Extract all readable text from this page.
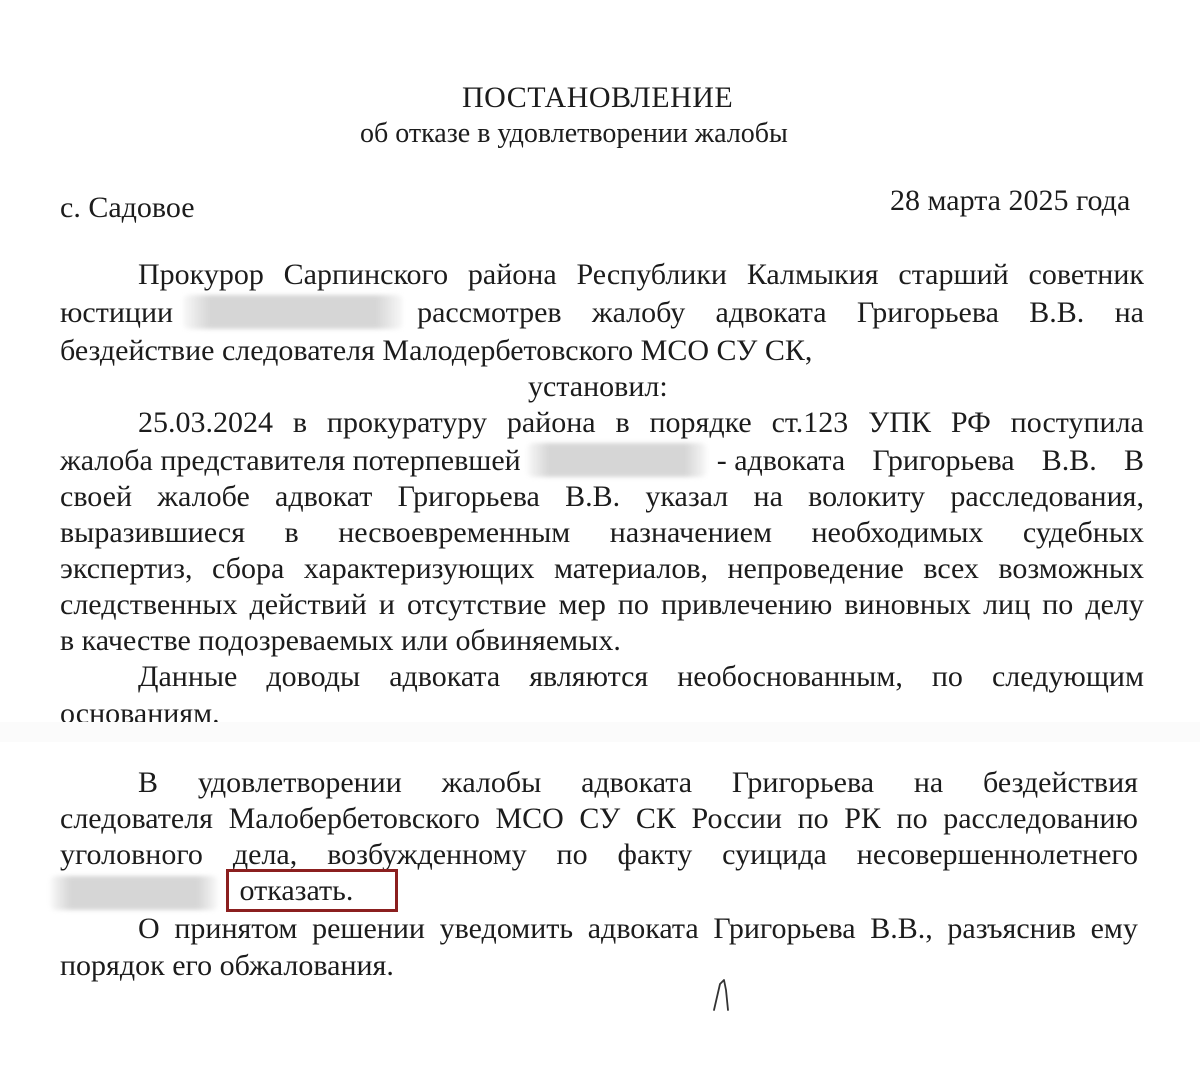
ПОСТАНОВЛЕНИЕ
об отказе в удовлетворении жалобы
с. Садовое	28 марта 2025 года
Прокурор Сарпинского района Республики Калмыкия старший советник
юстиции	рассмотрев жалобу адвоката Григорьева В.В. на
бездействие следователя Малодербетовского МСО СУ СК,
установил:
25.03.2024 в прокуратуру района в порядке ст.123 УПК РФ поступила
жалоба представителя потерпевшей	- адвоката Григорьева В.В. В
своей жалобе адвокат Григорьева В.В. указал на волокиту расследования,
выразившиеся в несвоевременным назначением необходимых судебных
экспертиз, сбора характеризующих материалов, непроведение всех возможных
следственных действий и отсутствие мер по привлечению виновных лиц по делу
в качестве подозреваемых или обвиняемых.
Данные доводы адвоката являются необоснованным, по следующим
основаниям.
В удовлетворении жалобы адвоката Григорьева на бездействия
следователя Малобербетовского МСО СУ СК России по РК по расследованию
уголовного дела, возбужденному по факту суицида несовершеннолетнего
отказать.
О принятом решении уведомить адвоката Григорьева В.В., разъяснив ему
порядок его обжалования.
